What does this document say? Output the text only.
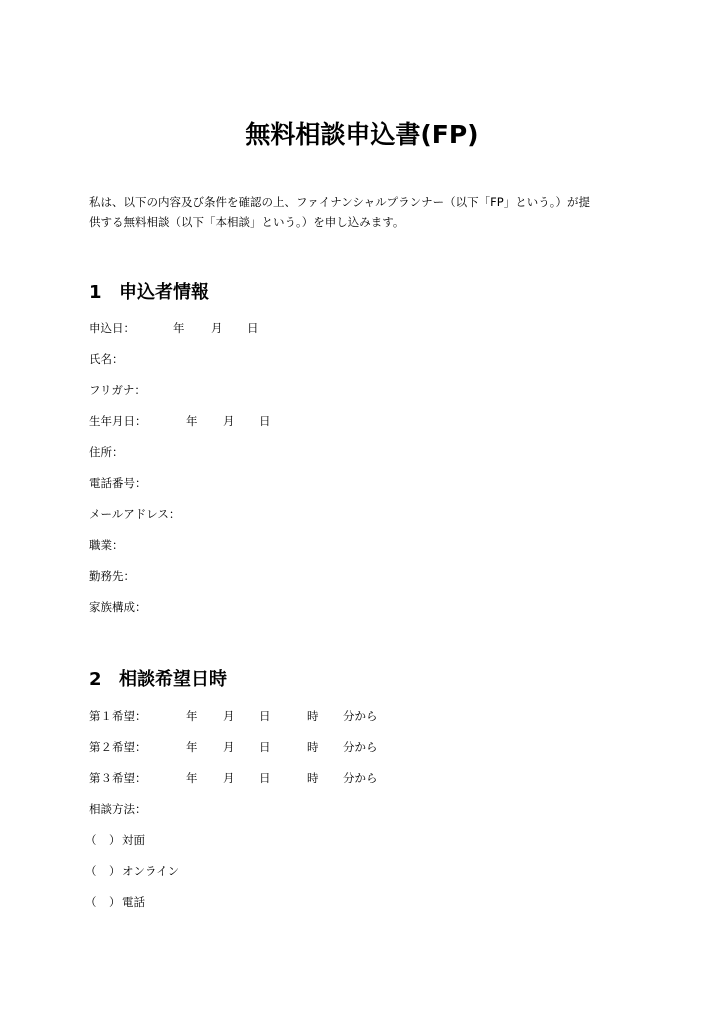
無料相談申込書(FP)
私は、以下の内容及び条件を確認の上、ファイナンシャルプランナー（以下「FP」という。）が提
供する無料相談（以下「本相談」という。）を申し込みます。
1 申込者情報
申込日：	年 月 日
氏名：
フリガナ：
生年月日：	年 月 日
住所：
電話番号：
メールアドレス：
職業：
勤務先：
家族構成：
2 相談希望日時
第１希望：	年 月 日	時 分から
第２希望：	年 月 日	時 分から
第３希望：	年 月 日	時 分から
相談方法：
（ ） 対面
（ ） オンライン
（ ） 電話
